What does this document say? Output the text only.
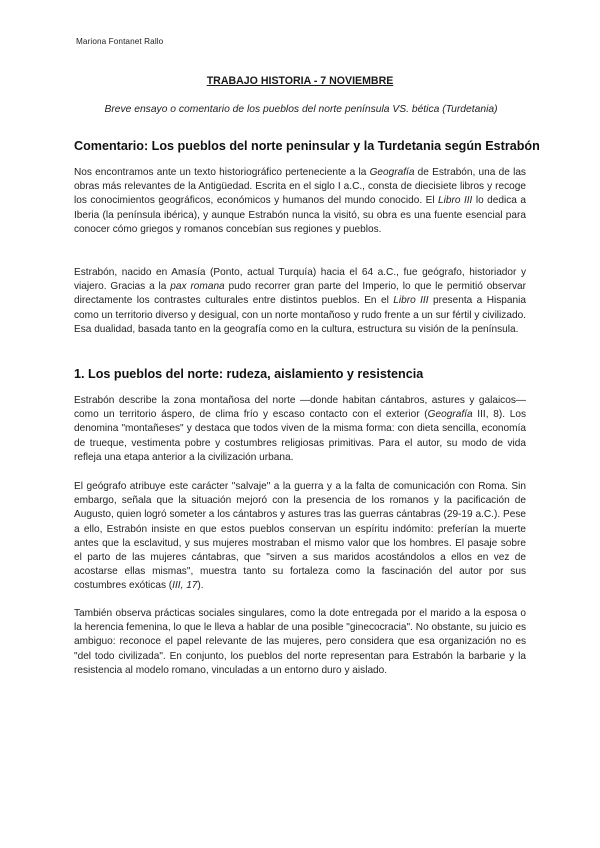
Mariona Fontanet Rallo
TRABAJO HISTORIA - 7 NOVIEMBRE
Breve ensayo o comentario de los pueblos del norte península VS. bética (Turdetania)
Comentario: Los pueblos del norte peninsular y la Turdetania según Estrabón

Nos encontramos ante un texto historiográfico perteneciente a la Geografía de Estrabón, una de las obras más relevantes de la Antigüedad. Escrita en el siglo I a.C., consta de diecisiete libros y recoge los conocimientos geográficos, económicos y humanos del mundo conocido. El Libro III lo dedica a Iberia (la península ibérica), y aunque Estrabón nunca la visitó, su obra es una fuente esencial para conocer cómo griegos y romanos concebían sus regiones y pueblos.

Estrabón, nacido en Amasía (Ponto, actual Turquía) hacia el 64 a.C., fue geógrafo, historiador y viajero. Gracias a la pax romana pudo recorrer gran parte del Imperio, lo que le permitió observar directamente los contrastes culturales entre distintos pueblos. En el Libro III presenta a Hispania como un territorio diverso y desigual, con un norte montañoso y rudo frente a un sur fértil y civilizado. Esa dualidad, basada tanto en la geografía como en la cultura, estructura su visión de la península.

1. Los pueblos del norte: rudeza, aislamiento y resistencia

Estrabón describe la zona montañosa del norte —donde habitan cántabros, astures y galaicos— como un territorio áspero, de clima frío y escaso contacto con el exterior (Geografía III, 8). Los denomina "montañeses" y destaca que todos viven de la misma forma: con dieta sencilla, economía de trueque, vestimenta pobre y costumbres religiosas primitivas. Para el autor, su modo de vida refleja una etapa anterior a la civilización urbana.

El geógrafo atribuye este carácter "salvaje" a la guerra y a la falta de comunicación con Roma. Sin embargo, señala que la situación mejoró con la presencia de los romanos y la pacificación de Augusto, quien logró someter a los cántabros y astures tras las guerras cántabras (29-19 a.C.). Pese a ello, Estrabón insiste en que estos pueblos conservan un espíritu indómito: preferían la muerte antes que la esclavitud, y sus mujeres mostraban el mismo valor que los hombres. El pasaje sobre el parto de las mujeres cántabras, que "sirven a sus maridos acostándolos a ellos en vez de acostarse ellas mismas", muestra tanto su fortaleza como la fascinación del autor por sus costumbres exóticas (III, 17).

También observa prácticas sociales singulares, como la dote entregada por el marido a la esposa o la herencia femenina, lo que le lleva a hablar de una posible "ginecocracia". No obstante, su juicio es ambiguo: reconoce el papel relevante de las mujeres, pero considera que esa organización no es "del todo civilizada". En conjunto, los pueblos del norte representan para Estrabón la barbarie y la resistencia al modelo romano, vinculadas a un entorno duro y aislado.
